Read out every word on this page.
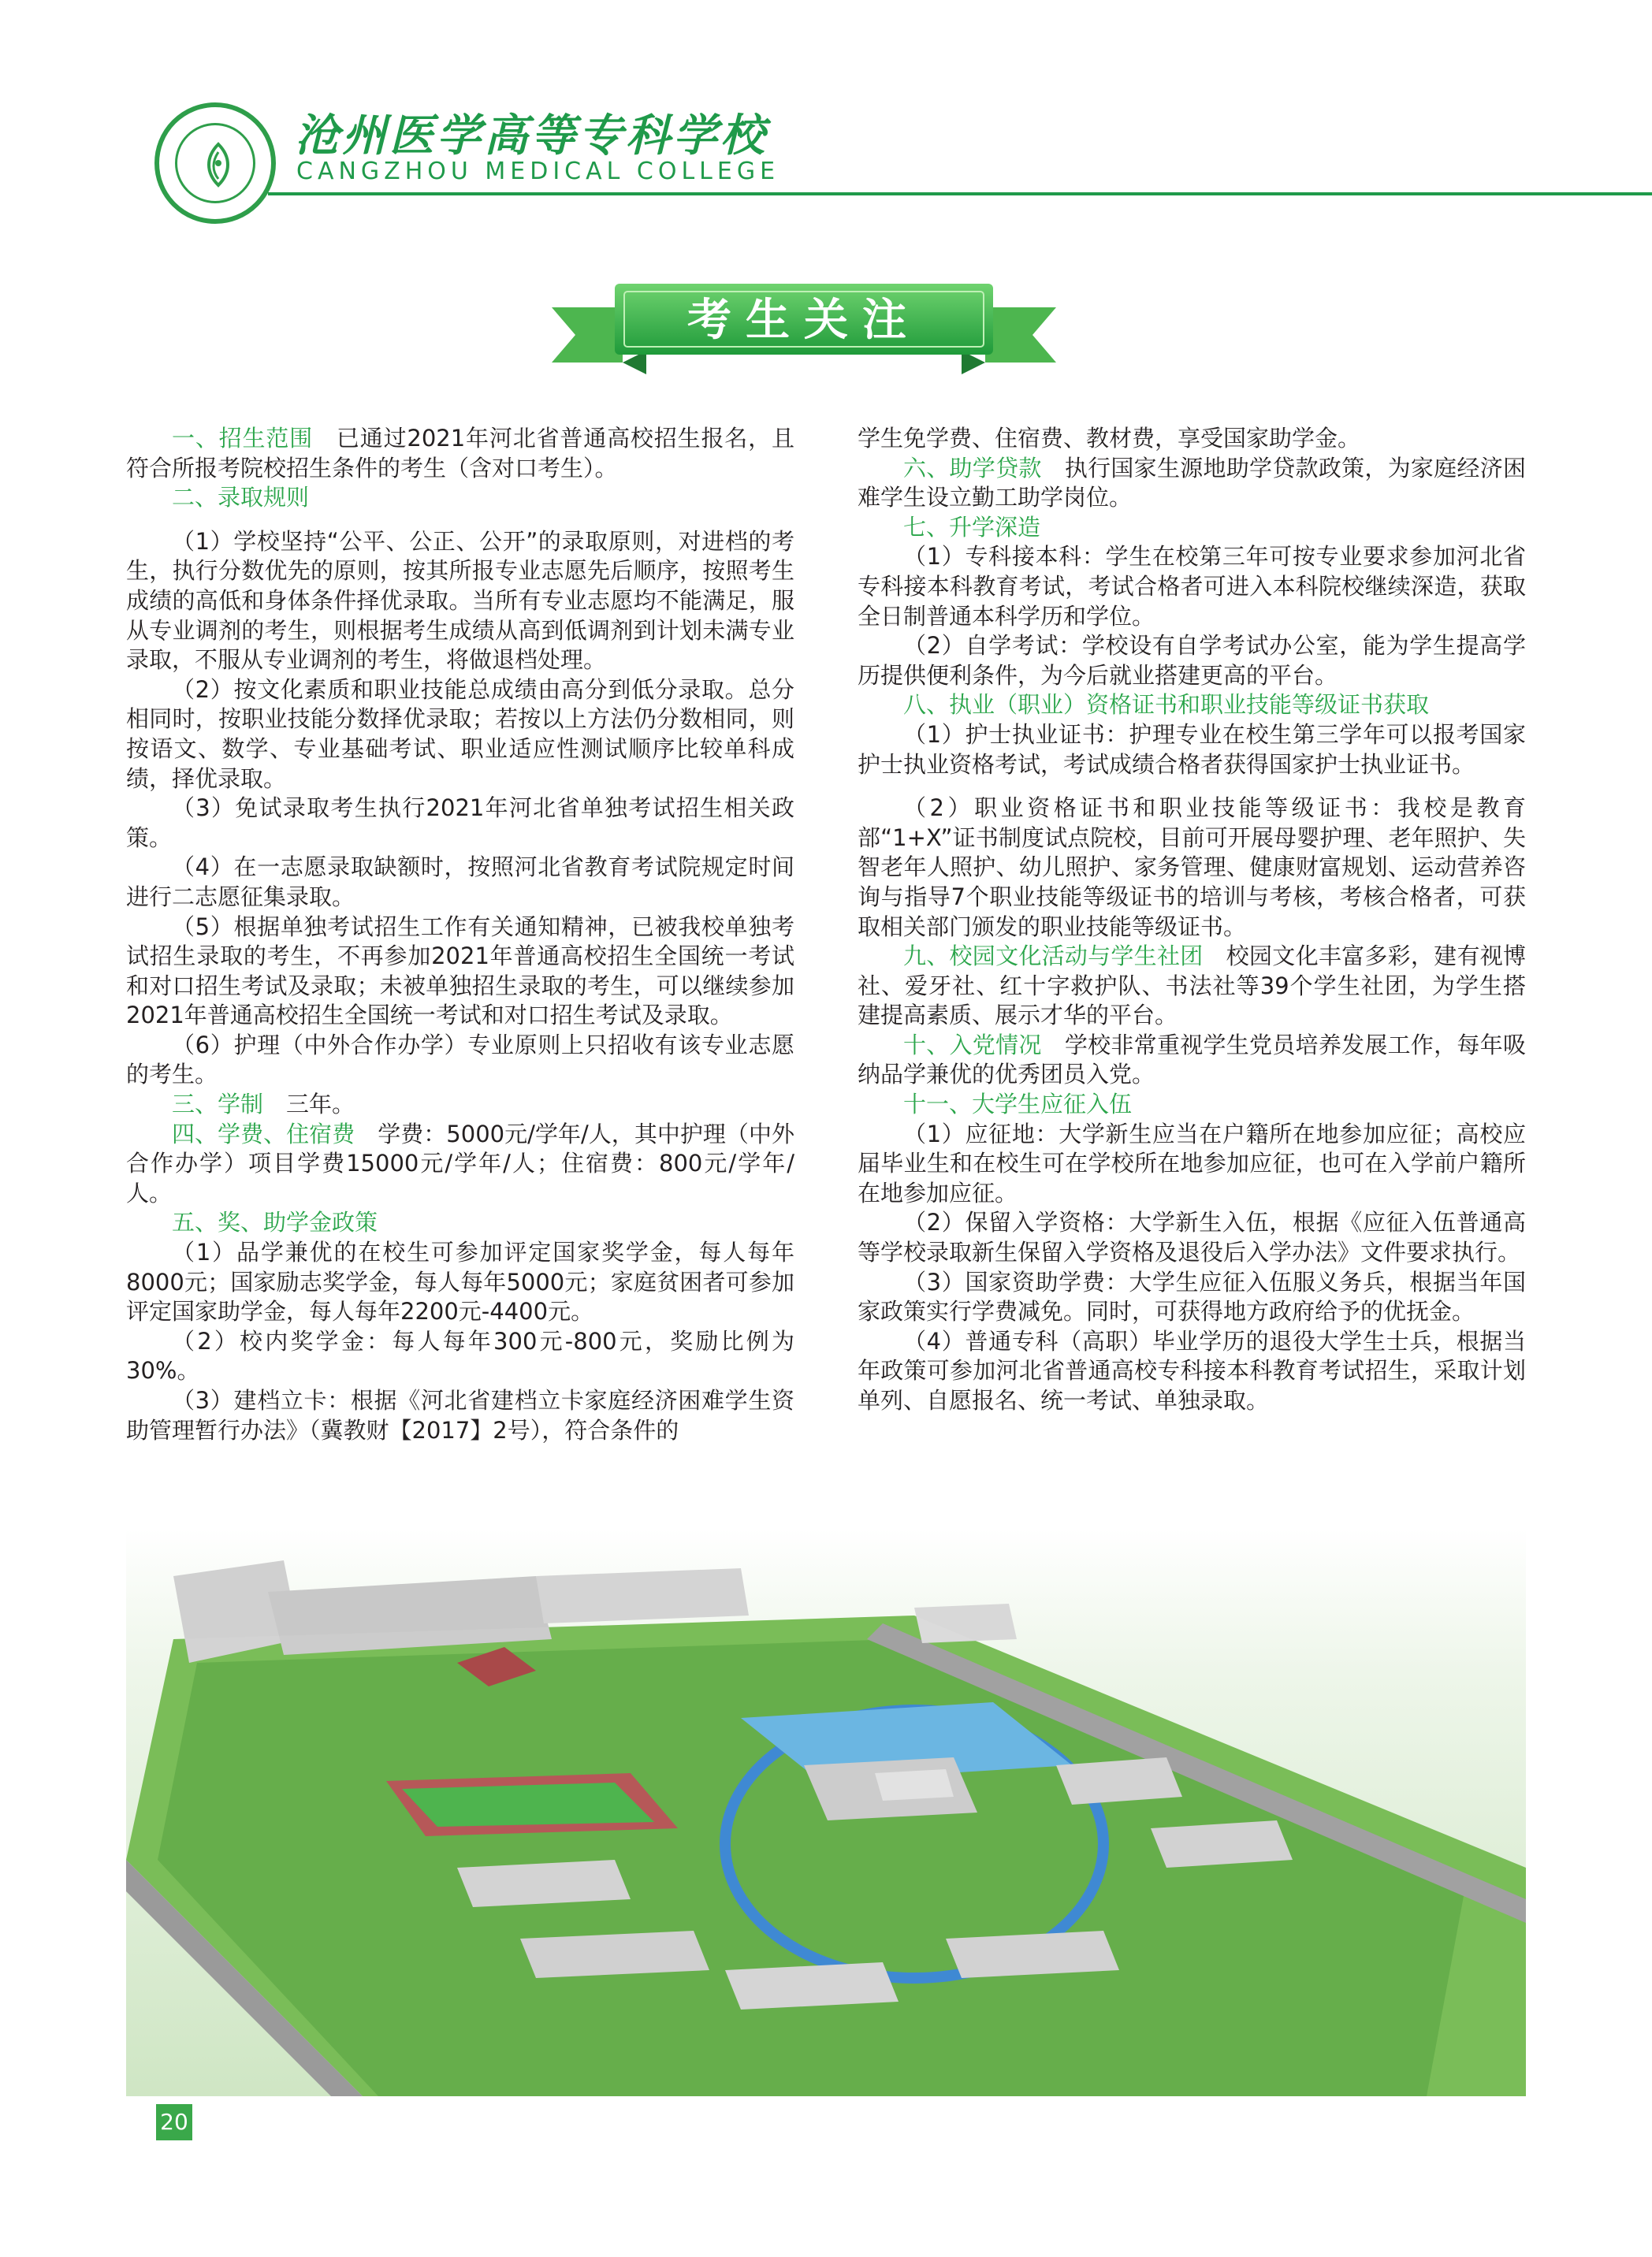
沧州医学高等专科学校
CANGZHOU MEDICAL COLLEGE
考生关注

一、招生范围　已通过2021年河北省普通高校招生报名，且符合所报考院校招生条件的考生（含对口考生）。

二、录取规则

（1）学校坚持“公平、公正、公开”的录取原则，对进档的考生，执行分数优先的原则，按其所报专业志愿先后顺序，按照考生成绩的高低和身体条件择优录取。当所有专业志愿均不能满足，服从专业调剂的考生，则根据考生成绩从高到低调剂到计划未满专业录取，不服从专业调剂的考生，将做退档处理。

（2）按文化素质和职业技能总成绩由高分到低分录取。总分相同时，按职业技能分数择优录取；若按以上方法仍分数相同，则按语文、数学、专业基础考试、职业适应性测试顺序比较单科成绩，择优录取。

（3）免试录取考生执行2021年河北省单独考试招生相关政策。

（4）在一志愿录取缺额时，按照河北省教育考试院规定时间进行二志愿征集录取。

（5）根据单独考试招生工作有关通知精神，已被我校单独考试招生录取的考生，不再参加2021年普通高校招生全国统一考试和对口招生考试及录取；未被单独招生录取的考生，可以继续参加2021年普通高校招生全国统一考试和对口招生考试及录取。

（6）护理（中外合作办学）专业原则上只招收有该专业志愿的考生。

三、学制　三年。

四、学费、住宿费　学费：5000元/学年/人，其中护理（中外合作办学）项目学费15000元/学年/人；住宿费：800元/学年/人。

五、奖、助学金政策

（1）品学兼优的在校生可参加评定国家奖学金，每人每年8000元；国家励志奖学金，每人每年5000元；家庭贫困者可参加评定国家助学金，每人每年2200元-4400元。

（2）校内奖学金：每人每年300元-800元，奖励比例为30%。

（3）建档立卡：根据《河北省建档立卡家庭经济困难学生资助管理暂行办法》（冀教财【2017】2号），符合条件的

学生免学费、住宿费、教材费，享受国家助学金。

六、助学贷款　执行国家生源地助学贷款政策，为家庭经济困难学生设立勤工助学岗位。

七、升学深造

（1）专科接本科：学生在校第三年可按专业要求参加河北省专科接本科教育考试，考试合格者可进入本科院校继续深造，获取全日制普通本科学历和学位。

（2）自学考试：学校设有自学考试办公室，能为学生提高学历提供便利条件，为今后就业搭建更高的平台。

八、执业（职业）资格证书和职业技能等级证书获取

（1）护士执业证书：护理专业在校生第三学年可以报考国家护士执业资格考试，考试成绩合格者获得国家护士执业证书。

（2）职业资格证书和职业技能等级证书：我校是教育部“1+X”证书制度试点院校，目前可开展母婴护理、老年照护、失智老年人照护、幼儿照护、家务管理、健康财富规划、运动营养咨询与指导7个职业技能等级证书的培训与考核，考核合格者，可获取相关部门颁发的职业技能等级证书。

九、校园文化活动与学生社团　校园文化丰富多彩，建有视博社、爱牙社、红十字救护队、书法社等39个学生社团，为学生搭建提高素质、展示才华的平台。

十、入党情况　学校非常重视学生党员培养发展工作，每年吸纳品学兼优的优秀团员入党。

十一、大学生应征入伍

（1）应征地：大学新生应当在户籍所在地参加应征；高校应届毕业生和在校生可在学校所在地参加应征，也可在入学前户籍所在地参加应征。

（2）保留入学资格：大学新生入伍，根据《应征入伍普通高等学校录取新生保留入学资格及退役后入学办法》文件要求执行。

（3）国家资助学费：大学生应征入伍服义务兵，根据当年国家政策实行学费减免。同时，可获得地方政府给予的优抚金。

（4）普通专科（高职）毕业学历的退役大学生士兵，根据当年政策可参加河北省普通高校专科接本科教育考试招生，采取计划单列、自愿报名、统一考试、单独录取。

20
